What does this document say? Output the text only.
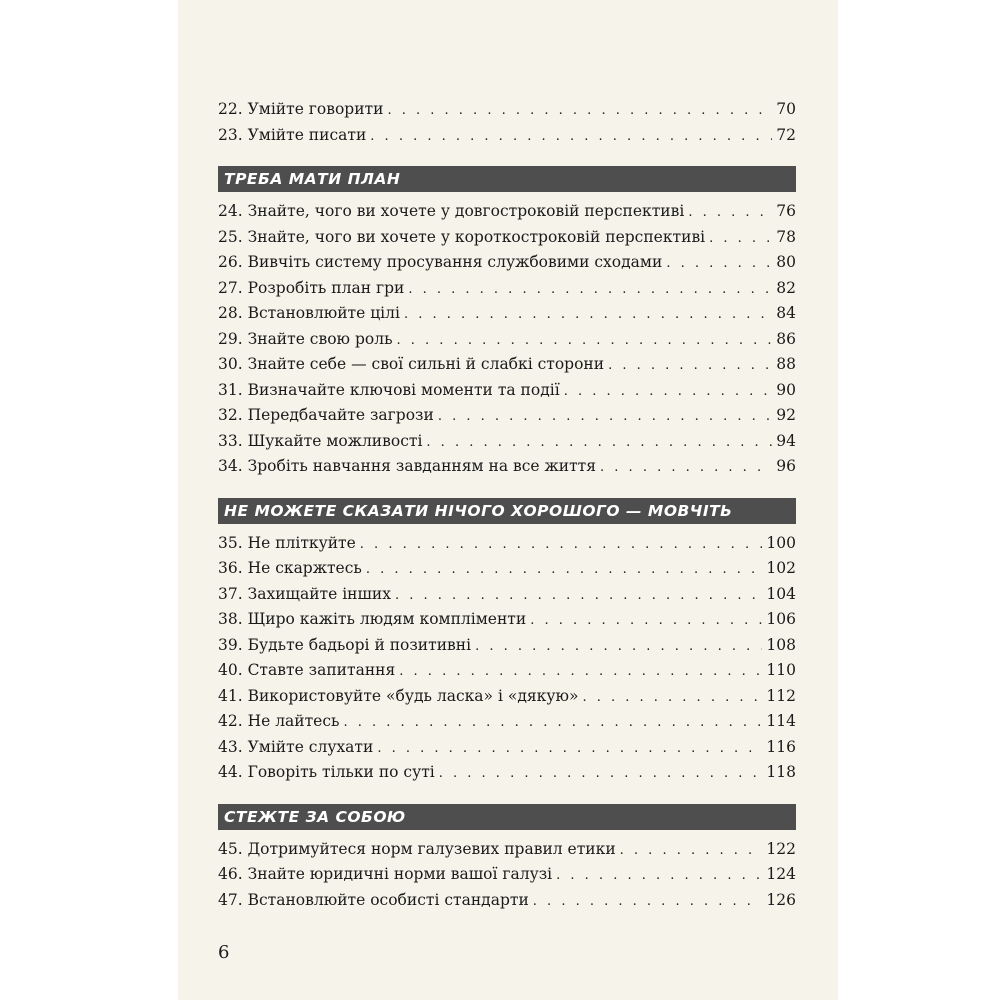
22. Умійте говорити . . .	70
23. Умійте писати . . .	72
ТРЕБА МАТИ ПЛАН
24. Знайте, чого ви хочете у довгостроковій перспективі . . .	76
25. Знайте, чого ви хочете у короткостроковій перспективі . . .	78
26. Вивчіть систему просування службовими сходами . . .	80
27. Розробіть план гри . . .	82
28. Встановлюйте цілі . . .	84
29. Знайте свою роль . . .	86
30. Знайте себе — свої сильні й слабкі сторони . . .	88
31. Визначайте ключові моменти та події . . .	90
32. Передбачайте загрози . . .	92
33. Шукайте можливості . . .	94
34. Зробіть навчання завданням на все життя . . .	96
НЕ МОЖЕТЕ СКАЗАТИ НІЧОГО ХОРОШОГО — МОВЧІТЬ
35. Не пліткуйте . . .	100
36. Не скаржтесь . . .	102
37. Захищайте інших . . .	104
38. Щиро кажіть людям компліменти . . .	106
39. Будьте бадьорі й позитивні . . .	108
40. Ставте запитання . . .	110
41. Використовуйте «будь ласка» і «дякую» . . .	112
42. Не лайтесь . . .	114
43. Умійте слухати . . .	116
44. Говоріть тільки по суті . . .	118
СТЕЖТЕ ЗА СОБОЮ
45. Дотримуйтеся норм галузевих правил етики . . .	122
46. Знайте юридичні норми вашої галузі . . .	124
47. Встановлюйте особисті стандарти . . .	126
6
